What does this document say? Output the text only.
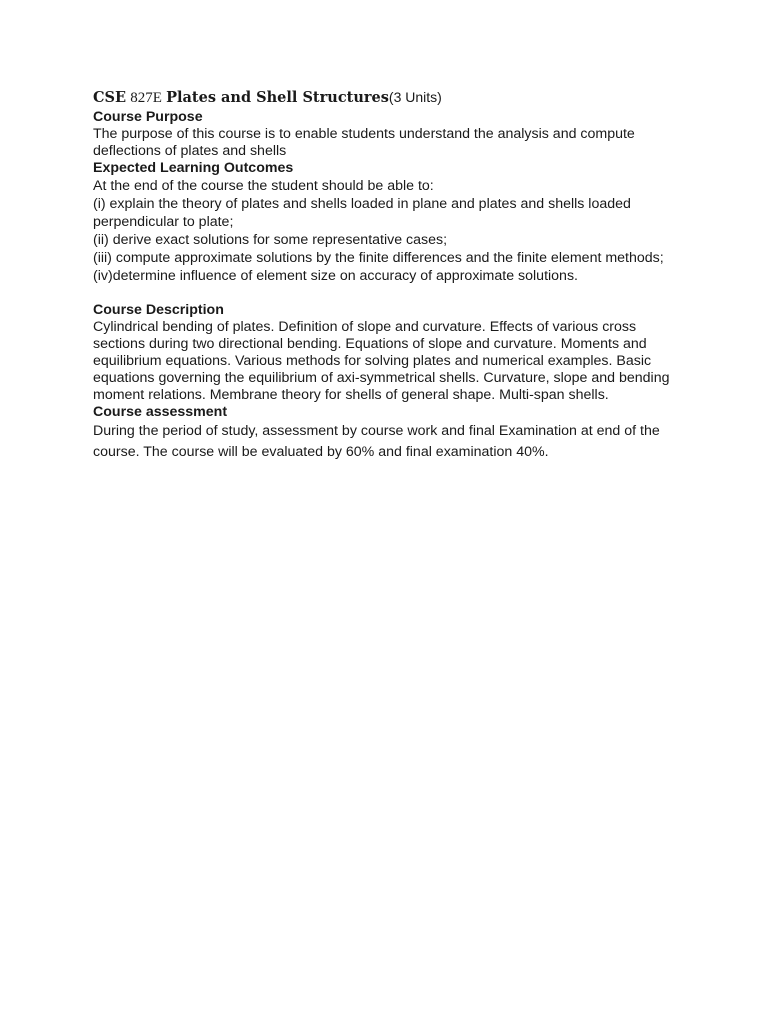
CSE 827E Plates and Shell Structures(3 Units)

Course Purpose

The purpose of this course is to enable students understand the analysis and compute deflections of plates and shells

Expected Learning Outcomes

At the end of the course the student should be able to:

(i) explain the theory of plates and shells loaded in plane and plates and shells loaded perpendicular to plate;

(ii) derive exact solutions for some representative cases;

(iii) compute approximate solutions by the finite differences and the finite element methods;

(iv)determine influence of element size on accuracy of approximate solutions.

Course Description

Cylindrical bending of plates. Definition of slope and curvature. Effects of various cross sections during two directional bending. Equations of slope and curvature. Moments and equilibrium equations. Various methods for solving plates and numerical examples. Basic equations governing the equilibrium of axi-symmetrical shells. Curvature, slope and bending moment relations. Membrane theory for shells of general shape. Multi-span shells.

Course assessment

During the period of study, assessment by course work and final Examination at end of the course. The course will be evaluated by 60% and final examination 40%.
